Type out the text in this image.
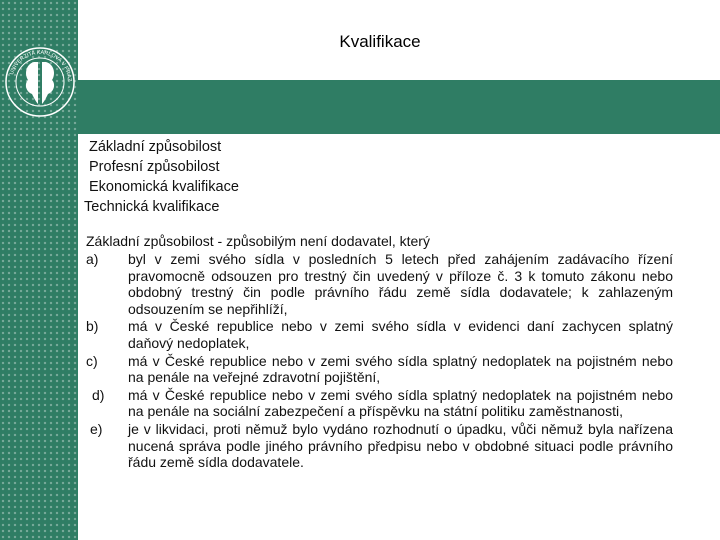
UNIVERZITA KARLOVA V PRAZ
Kvalifikace
Základní způsobilost
Profesní způsobilost
Ekonomická kvalifikace
Technická kvalifikace
Základní způsobilost - způsobilým není dodavatel, který
a) byl v zemi svého sídla v posledních 5 letech před zahájením zadávacího řízení pravomocně odsouzen pro trestný čin uvedený v příloze č. 3 k tomuto zákonu nebo obdobný trestný čin podle právního řádu země sídla dodavatele; k zahlazeným odsouzením se nepřihlíží,
b) má v České republice nebo v zemi svého sídla v evidenci daní zachycen splatný daňový nedoplatek,
c) má v České republice nebo v zemi svého sídla splatný nedoplatek na pojistném nebo na penále na veřejné zdravotní pojištění,
d) má v České republice nebo v zemi svého sídla splatný nedoplatek na pojistném nebo na penále na sociální zabezpečení a příspěvku na státní politiku zaměstnanosti,
e) je v likvidaci, proti němuž bylo vydáno rozhodnutí o úpadku, vůči němuž byla nařízena nucená správa podle jiného právního předpisu nebo v obdobné situaci podle právního řádu země sídla dodavatele.
